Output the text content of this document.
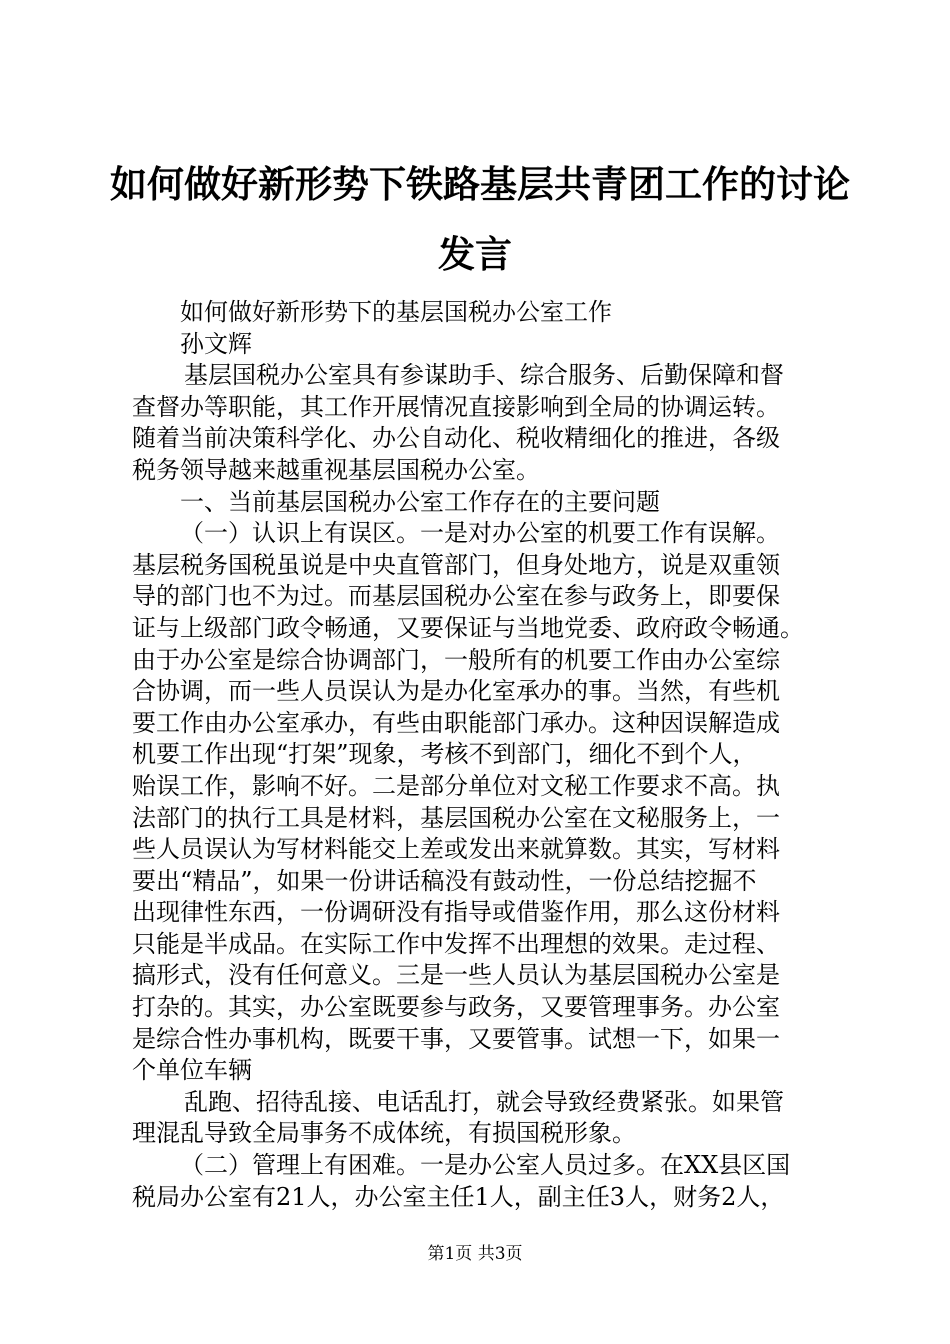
如何做好新形势下铁路基层共青团工作的讨论
发言
如何做好新形势下的基层国税办公室工作
孙文辉
基层国税办公室具有参谋助手、综合服务、后勤保障和督
查督办等职能，其工作开展情况直接影响到全局的协调运转。
随着当前决策科学化、办公自动化、税收精细化的推进，各级
税务领导越来越重视基层国税办公室。
一、当前基层国税办公室工作存在的主要问题
（一）认识上有误区。一是对办公室的机要工作有误解。
基层税务国税虽说是中央直管部门，但身处地方，说是双重领
导的部门也不为过。而基层国税办公室在参与政务上，即要保
证与上级部门政令畅通，又要保证与当地党委、政府政令畅通。
由于办公室是综合协调部门，一般所有的机要工作由办公室综
合协调，而一些人员误认为是办化室承办的事。当然，有些机
要工作由办公室承办，有些由职能部门承办。这种因误解造成
机要工作出现“打架”现象，考核不到部门，细化不到个人，
贻误工作，影响不好。二是部分单位对文秘工作要求不高。执
法部门的执行工具是材料，基层国税办公室在文秘服务上，一
些人员误认为写材料能交上差或发出来就算数。其实，写材料
要出“精品”，如果一份讲话稿没有鼓动性，一份总结挖掘不
出现律性东西，一份调研没有指导或借鉴作用，那么这份材料
只能是半成品。在实际工作中发挥不出理想的效果。走过程、
搞形式，没有任何意义。三是一些人员认为基层国税办公室是
打杂的。其实，办公室既要参与政务，又要管理事务。办公室
是综合性办事机构，既要干事，又要管事。试想一下，如果一
个单位车辆
乱跑、招待乱接、电话乱打，就会导致经费紧张。如果管
理混乱导致全局事务不成体统，有损国税形象。
（二）管理上有困难。一是办公室人员过多。在XX县区国
税局办公室有21人，办公室主任1人，副主任3人，财务2人，
第1页 共3页
